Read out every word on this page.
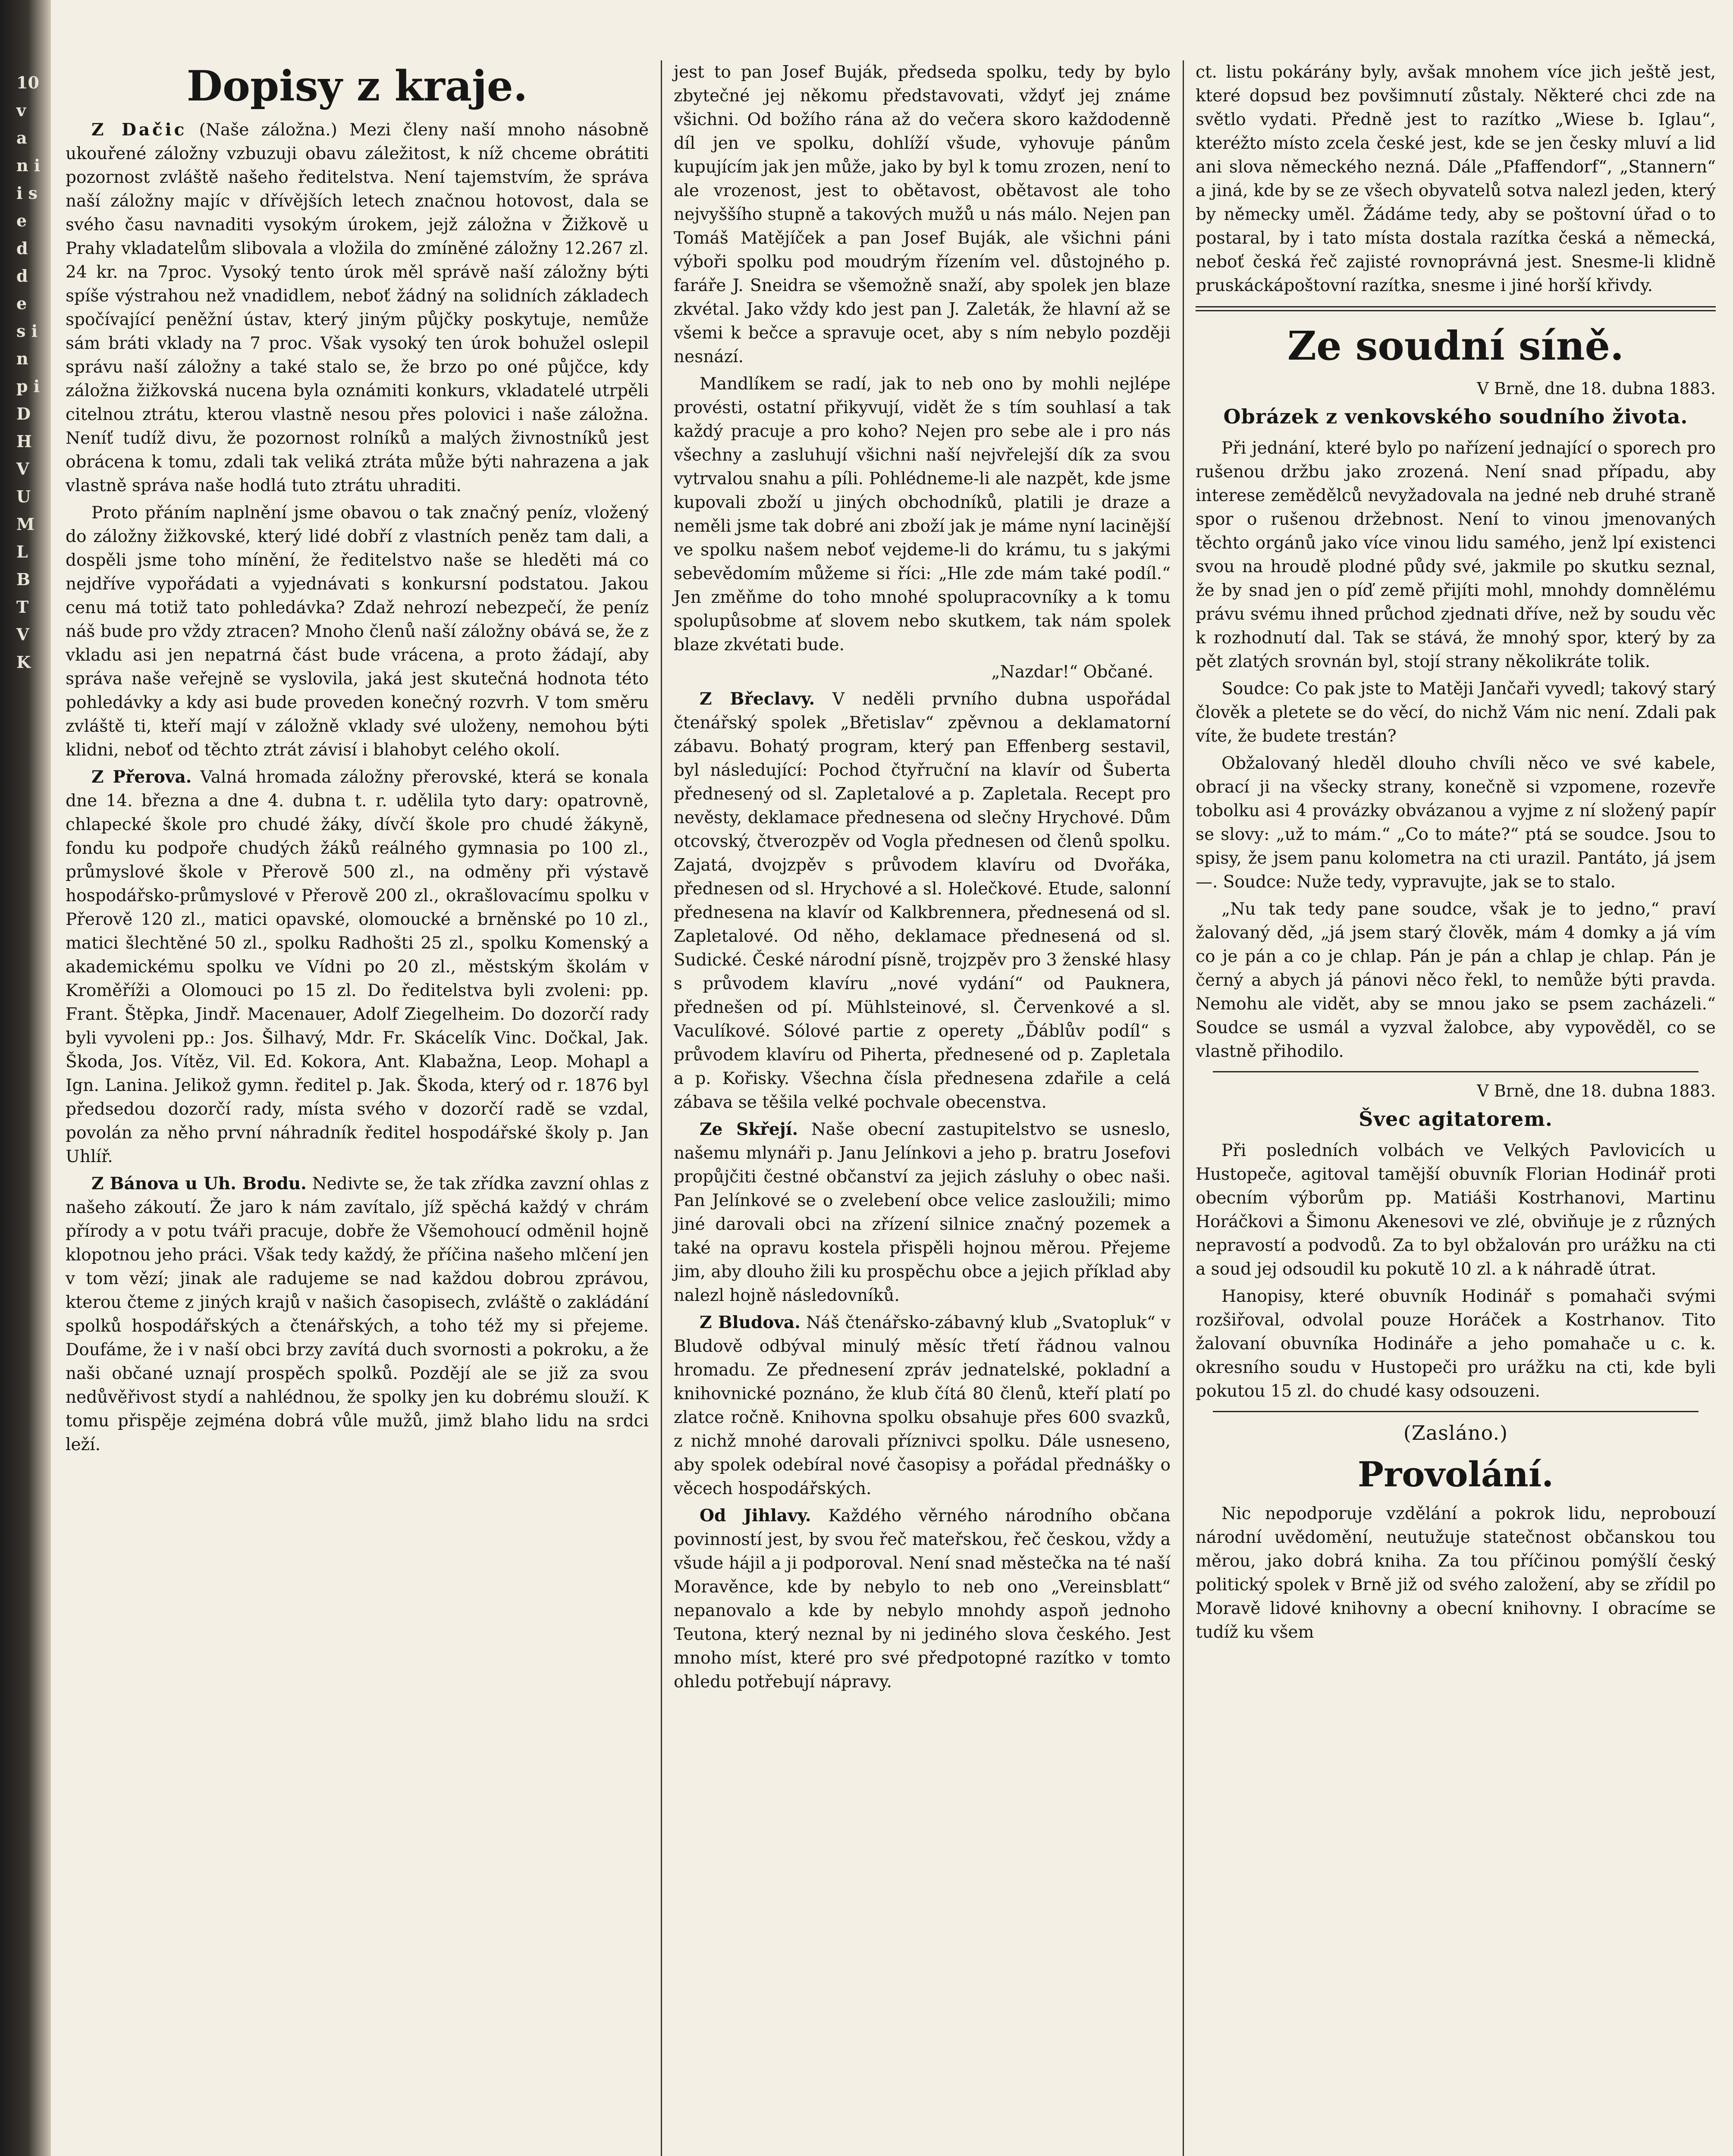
10 v a n i i s e d d e s i n p i D H V U M L B T V K
Dopisy z kraje.

Z Dačic (Naše záložna.) Mezi členy naší mnoho násobně ukouřené záložny vzbuzuji obavu záležitost, k níž chceme obrátiti pozornost zvláště našeho ředitelstva. Není tajemstvím, že správa naší záložny majíc v dřívějších letech značnou hotovost, dala se svého času navnaditi vysokým úrokem, jejž záložna v Žižkově u Prahy vkladatelům slibovala a vložila do zmíněné záložny 12.267 zl. 24 kr. na 7proc. Vysoký tento úrok měl správě naší záložny býti spíše výstrahou než vnadidlem, neboť žádný na solidních základech spočívající peněžní ústav, který jiným půjčky poskytuje, nemůže sám bráti vklady na 7 proc. Však vysoký ten úrok bohužel oslepil správu naší záložny a také stalo se, že brzo po oné půjčce, kdy záložna žižkovská nucena byla oznámiti konkurs, vkladatelé utrpěli citelnou ztrátu, kterou vlastně nesou přes polovici i naše záložna. Neníť tudíž divu, že pozornost rolníků a malých živnostníků jest obrácena k tomu, zdali tak veliká ztráta může býti nahrazena a jak vlastně správa naše hodlá tuto ztrátu uhraditi.

Proto přáním naplnění jsme obavou o tak značný peníz, vložený do záložny žižkovské, který lidé dobří z vlastních peněz tam dali, a dospěli jsme toho mínění, že ředitelstvo naše se hleděti má co nejdříve vypořádati a vyjednávati s konkursní podstatou. Jakou cenu má totiž tato pohledávka? Zdaž nehrozí nebezpečí, že peníz náš bude pro vždy ztracen? Mnoho členů naší záložny obává se, že z vkladu asi jen nepatrná část bude vrácena, a proto žádají, aby správa naše veřejně se vyslovila, jaká jest skutečná hodnota této pohledávky a kdy asi bude proveden konečný rozvrh. V tom směru zvláště ti, kteří mají v záložně vklady své uloženy, nemohou býti klidni, neboť od těchto ztrát závisí i blahobyt celého okolí.

Z Přerova. Valná hromada záložny přerovské, která se konala dne 14. března a dne 4. dubna t. r. udělila tyto dary: opatrovně, chlapecké škole pro chudé žáky, dívčí škole pro chudé žákyně, fondu ku podpoře chudých žáků reálného gymnasia po 100 zl., průmyslové škole v Přerově 500 zl., na odměny při výstavě hospodářsko-průmyslové v Přerově 200 zl., okrašlovacímu spolku v Přerově 120 zl., matici opavské, olomoucké a brněnské po 10 zl., matici šlechtěné 50 zl., spolku Radhošti 25 zl., spolku Komenský a akademickému spolku ve Vídni po 20 zl., městským školám v Kroměříži a Olomouci po 15 zl. Do ředitelstva byli zvoleni: pp. Frant. Štěpka, Jindř. Macenauer, Adolf Ziegelheim. Do dozorčí rady byli vyvoleni pp.: Jos. Šilhavý, Mdr. Fr. Skácelík Vinc. Dočkal, Jak. Škoda, Jos. Vítěz, Vil. Ed. Kokora, Ant. Klabažna, Leop. Mohapl a Ign. Lanina. Jelikož gymn. ředitel p. Jak. Škoda, který od r. 1876 byl předsedou dozorčí rady, místa svého v dozorčí radě se vzdal, povolán za něho první náhradník ředitel hospodářské školy p. Jan Uhlíř.

Z Bánova u Uh. Brodu. Nedivte se, že tak zřídka zavzní ohlas z našeho zákoutí. Že jaro k nám zavítalo, jíž spěchá každý v chrám přírody a v potu tváři pracuje, dobře že Všemohoucí odměnil hojně klopotnou jeho práci. Však tedy každý, že příčina našeho mlčení jen v tom vězí; jinak ale radujeme se nad každou dobrou zprávou, kterou čteme z jiných krajů v našich časopisech, zvláště o zakládání spolků hospodářských a čtenářských, a toho též my si přejeme. Doufáme, že i v naší obci brzy zavítá duch svornosti a pokroku, a že naši občané uznají prospěch spolků. Pozdějí ale se již za svou nedůvěřivost stydí a nahlédnou, že spolky jen ku dobrému slouží. K tomu přispěje zejména dobrá vůle mužů, jimž blaho lidu na srdci leží.

jest to pan Josef Buják, předseda spolku, tedy by bylo zbytečné jej někomu představovati, vždyť jej známe všichni. Od božího rána až do večera skoro každodenně díl jen ve spolku, dohlíží všude, vyhovuje pánům kupujícím jak jen může, jako by byl k tomu zrozen, není to ale vrozenost, jest to obětavost, obětavost ale toho nejvyššího stupně a takových mužů u nás málo. Nejen pan Tomáš Matějíček a pan Josef Buják, ale všichni páni výboři spolku pod moudrým řízením vel. důstojného p. faráře J. Sneidra se všemožně snaží, aby spolek jen blaze zkvétal. Jako vždy kdo jest pan J. Zaleták, že hlavní až se všemi k bečce a spravuje ocet, aby s ním nebylo později nesnází.

Mandlíkem se radí, jak to neb ono by mohli nejlépe provésti, ostatní přikyvují, vidět že s tím souhlasí a tak každý pracuje a pro koho? Nejen pro sebe ale i pro nás všechny a zasluhují všichni naší nejvřelejší dík za svou vytrvalou snahu a píli. Pohlédneme-li ale nazpět, kde jsme kupovali zboží u jiných obchodníků, platili je draze a neměli jsme tak dobré ani zboží jak je máme nyní lacinější ve spolku našem neboť vejdeme-li do krámu, tu s jakými sebevědomím můžeme si říci: „Hle zde mám také podíl.“ Jen změňme do toho mnohé spolupracovníky a k tomu spolupůsobme ať slovem nebo skutkem, tak nám spolek blaze zkvétati bude.

„Nazdar!“ Občané.

Z Břeclavy. V neděli prvního dubna uspořádal čtenářský spolek „Břetislav“ zpěvnou a deklamatorní zábavu. Bohatý program, který pan Effenberg sestavil, byl následující: Pochod čtyřruční na klavír od Šuberta přednesený od sl. Zapletalové a p. Zapletala. Recept pro nevěsty, deklamace přednesena od slečny Hrychové. Dům otcovský, čtverozpěv od Vogla přednesen od členů spolku. Zajatá, dvojzpěv s průvodem klavíru od Dvořáka, přednesen od sl. Hrychové a sl. Holečkové. Etude, salonní přednesena na klavír od Kalkbrennera, přednesená od sl. Zapletalové. Od něho, deklamace přednesená od sl. Sudické. České národní písně, trojzpěv pro 3 ženské hlasy s průvodem klavíru „nové vydání“ od Pauknera, přednešen od pí. Mühlsteinové, sl. Červenkové a sl. Vaculíkové. Sólové partie z operety „Ďáblův podíl“ s průvodem klavíru od Piherta, přednesené od p. Zapletala a p. Kořisky. Všechna čísla přednesena zdařile a celá zábava se těšila velké pochvale obecenstva.

Ze Skřejí. Naše obecní zastupitelstvo se usneslo, našemu mlynáři p. Janu Jelínkovi a jeho p. bratru Josefovi propůjčiti čestné občanství za jejich zásluhy o obec naši. Pan Jelínkové se o zvelebení obce velice zasloužili; mimo jiné darovali obci na zřízení silnice značný pozemek a také na opravu kostela přispěli hojnou měrou. Přejeme jim, aby dlouho žili ku prospěchu obce a jejich příklad aby nalezl hojně následovníků.

Z Bludova. Náš čtenářsko-zábavný klub „Svatopluk“ v Bludově odbýval minulý měsíc třetí řádnou valnou hromadu. Ze přednesení zpráv jednatelské, pokladní a knihovnické poznáno, že klub čítá 80 členů, kteří platí po zlatce ročně. Knihovna spolku obsahuje přes 600 svazků, z nichž mnohé darovali příznivci spolku. Dále usneseno, aby spolek odebíral nové časopisy a pořádal přednášky o věcech hospodářských.

Od Jihlavy. Každého věrného národního občana povinností jest, by svou řeč mateřskou, řeč českou, vždy a všude hájil a ji podporoval. Není snad městečka na té naší Moravěnce, kde by nebylo to neb ono „Vereinsblatt“ nepanovalo a kde by nebylo mnohdy aspoň jednoho Teutona, který neznal by ni jediného slova českého. Jest mnoho míst, které pro své předpotopné razítko v tomto ohledu potřebují nápravy.

ct. listu pokárány byly, avšak mnohem více jich ještě jest, které dopsud bez povšimnutí zůstaly. Některé chci zde na světlo vydati. Předně jest to razítko „Wiese b. Iglau“, kteréžto místo zcela české jest, kde se jen česky mluví a lid ani slova německého nezná. Dále „Pfaffendorf“, „Stannern“ a jiná, kde by se ze všech obyvatelů sotva nalezl jeden, který by německy uměl. Žádáme tedy, aby se poštovní úřad o to postaral, by i tato místa dostala razítka česká a německá, neboť česká řeč zajisté rovnoprávná jest. Snesme-li klidně pruskáckápoštovní razítka, snesme i jiné horší křivdy.

Ze soudní síně.
V Brně, dne 18. dubna 1883.
Obrázek z venkovského soudního života.

Při jednání, které bylo po nařízení jednající o sporech pro rušenou držbu jako zrozená. Není snad případu, aby interese zemědělců nevyžadovala na jedné neb druhé straně spor o rušenou držebnost. Není to vinou jmenovaných těchto orgánů jako více vinou lidu samého, jenž lpí existenci svou na hroudě plodné půdy své, jakmile po skutku seznal, že by snad jen o píď země přijíti mohl, mnohdy domnělému právu svému ihned průchod zjednati dříve, než by soudu věc k rozhodnutí dal. Tak se stává, že mnohý spor, který by za pět zlatých srovnán byl, stojí strany několikráte tolik.

Soudce: Co pak jste to Matěji Jančaři vyvedl; takový starý člověk a pletete se do věcí, do nichž Vám nic není. Zdali pak víte, že budete trestán?

Obžalovaný hleděl dlouho chvíli něco ve své kabele, obrací ji na všecky strany, konečně si vzpomene, rozevře tobolku asi 4 provázky obvázanou a vyjme z ní složený papír se slovy: „už to mám.“ „Co to máte?“ ptá se soudce. Jsou to spisy, že jsem panu kolometra na cti urazil. Pantáto, já jsem —. Soudce: Nuže tedy, vypravujte, jak se to stalo.

„Nu tak tedy pane soudce, však je to jedno,“ praví žalovaný děd, „já jsem starý člověk, mám 4 domky a já vím co je pán a co je chlap. Pán je pán a chlap je chlap. Pán je černý a abych já pánovi něco řekl, to nemůže býti pravda. Nemohu ale vidět, aby se mnou jako se psem zacházeli.“ Soudce se usmál a vyzval žalobce, aby vypověděl, co se vlastně přihodilo.

V Brně, dne 18. dubna 1883.
Švec agitatorem.

Při posledních volbách ve Velkých Pavlovicích u Hustopeče, agitoval tamější obuvník Florian Hodinář proti obecním výborům pp. Matiáši Kostrhanovi, Martinu Horáčkovi a Šimonu Akenesovi ve zlé, obviňuje je z různých nepravostí a podvodů. Za to byl obžalován pro urážku na cti a soud jej odsoudil ku pokutě 10 zl. a k náhradě útrat.

Hanopisy, které obuvník Hodinář s pomahači svými rozšiřoval, odvolal pouze Horáček a Kostrhanov. Tito žalovaní obuvníka Hodináře a jeho pomahače u c. k. okresního soudu v Hustopeči pro urážku na cti, kde byli pokutou 15 zl. do chudé kasy odsouzeni.

(Zasláno.)
Provolání.

Nic nepodporuje vzdělání a pokrok lidu, neprobouzí národní uvědomění, neutužuje statečnost občanskou tou měrou, jako dobrá kniha. Za tou příčinou pomýšlí český politický spolek v Brně již od svého založení, aby se zřídil po Moravě lidové knihovny a obecní knihovny. I obracíme se tudíž ku všem
